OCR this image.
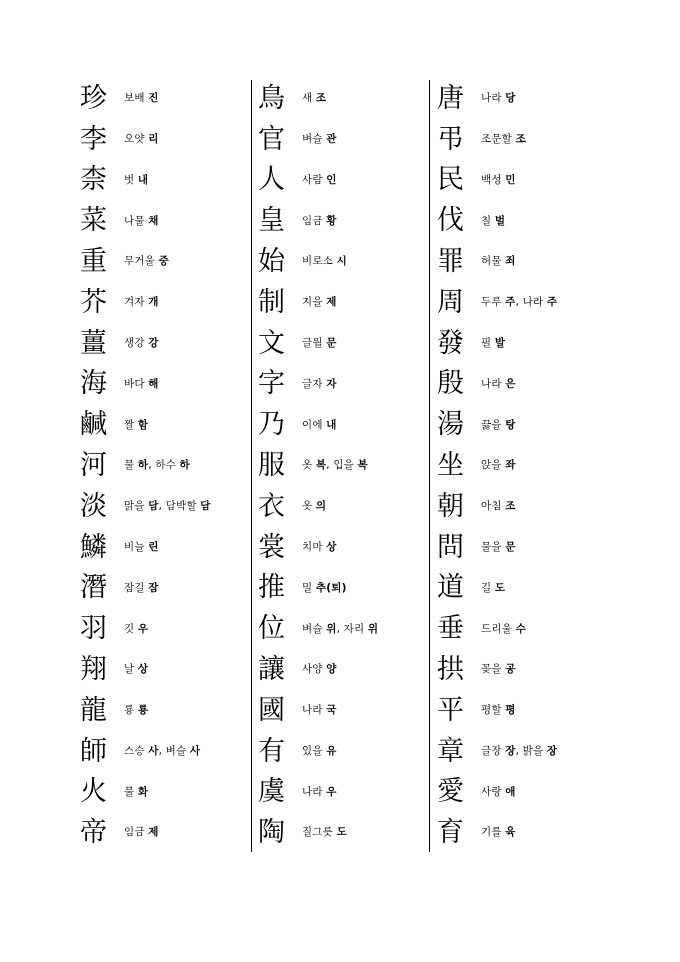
珍	보배 진
李	오얏 리
柰	벗 내
菜	나물 채
重	무거울 중
芥	겨자 개
薑	생강 강
海	바다 해
鹹	짤 함
河	물 하, 하수 하
淡	맑을 담, 담박할 담
鱗	비늘 린
潛	잠길 잠
羽	깃 우
翔	날 상
龍	룡 룡
師	스승 사, 벼슬 사
火	불 화
帝	임금 제
鳥	새 조
官	벼슬 관
人	사람 인
皇	임금 황
始	비로소 시
制	지을 제
文	글월 문
字	글자 자
乃	이에 내
服	옷 복, 입을 복
衣	옷 의
裳	치마 상
推	밀 추(퇴)
位	벼슬 위, 자리 위
讓	사양 양
國	나라 국
有	있을 유
虞	나라 우
陶	질그릇 도
唐	나라 당
弔	조문할 조
民	백성 민
伐	칠 벌
罪	허물 죄
周	두루 주, 나라 주
發	필 발
殷	나라 은
湯	끓을 탕
坐	앉을 좌
朝	아침 조
問	물을 문
道	길 도
垂	드리울 수
拱	꽂을 공
平	평할 평
章	글장 장, 밝을 장
愛	사랑 애
育	기를 육
